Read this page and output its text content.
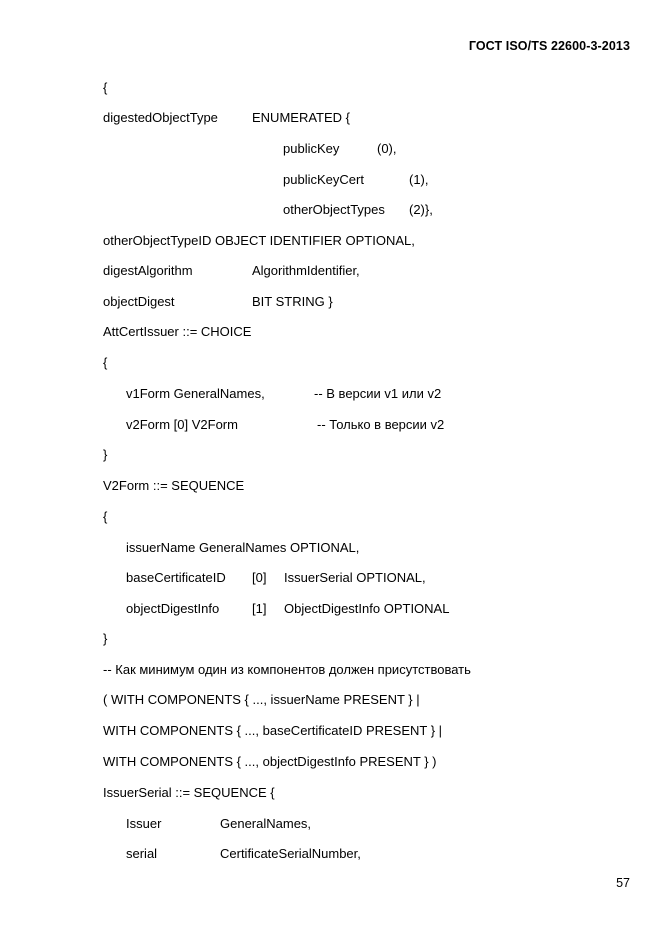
ГОСТ ISO/TS 22600-3-2013
{
digestedObjectType	ENUMERATED {
publicKey	(0),
publicKeyCert	(1),
otherObjectTypes (2)},
otherObjectTypeID OBJECT IDENTIFIER OPTIONAL,
digestAlgorithm	AlgorithmIdentifier,
objectDigest	BIT STRING }
AttCertIssuer ::= CHOICE
{
v1Form GeneralNames,	-- В версии v1 или v2
v2Form [0] V2Form	-- Только в версии v2
}
V2Form ::= SEQUENCE
{
issuerName GeneralNames OPTIONAL,
baseCertificateID [0] IssuerSerial OPTIONAL,
objectDigestInfo	[1] ObjectDigestInfo OPTIONAL
}
-- Как минимум один из компонентов должен присутствовать
( WITH COMPONENTS { ..., issuerName PRESENT } |
WITH COMPONENTS { ..., baseCertificateID PRESENT } |
WITH COMPONENTS { ..., objectDigestInfo PRESENT } )
IssuerSerial ::= SEQUENCE {
Issuer	GeneralNames,
serial	CertificateSerialNumber,
57
